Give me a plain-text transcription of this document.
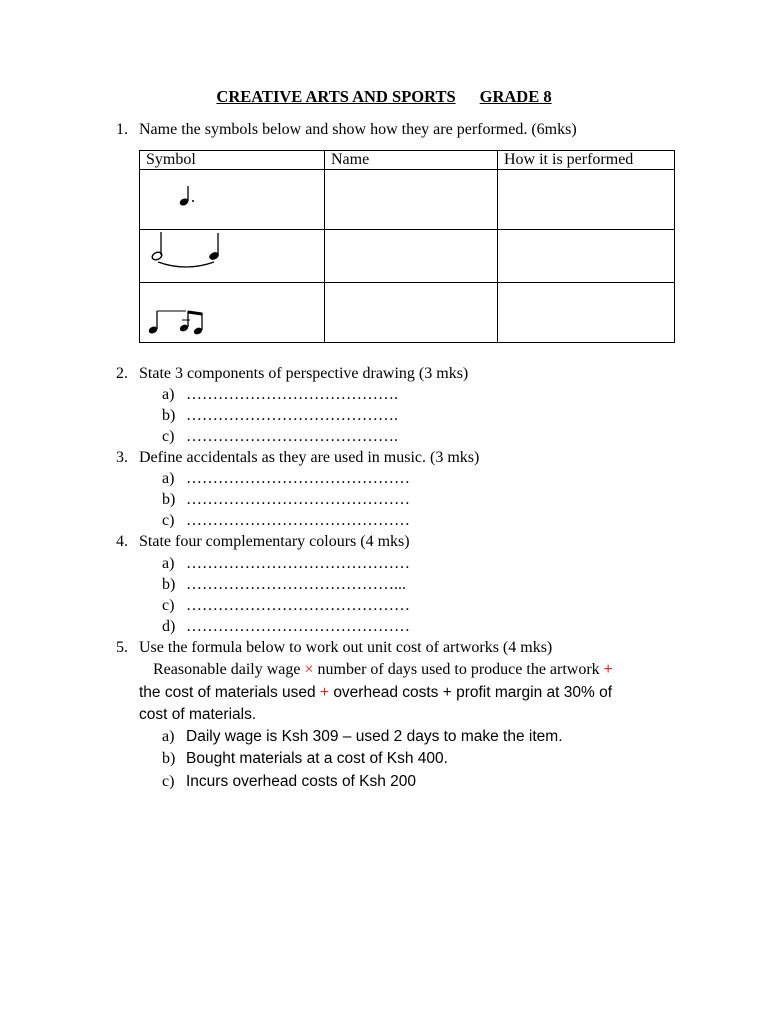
CREATIVE ARTS AND SPORTS GRADE 8
1. Name the symbols below and show how they are performed. (6mks)
Symbol	Name	How it is performed

2. State 3 components of perspective drawing (3 mks)
a) ………………………………….
b) ………………………………….
c) ………………………………….
3. Define accidentals as they are used in music. (3 mks)
a) ……………………………………
b) ……………………………………
c) ……………………………………
4. State four complementary colours (4 mks)
a) ……………………………………
b) …………………………………...
c) ……………………………………
d) ……………………………………
5. Use the formula below to work out unit cost of artworks (4 mks)
Reasonable daily wage × number of days used to produce the artwork +
the cost of materials used + overhead costs + profit margin at 30% of
cost of materials.
a) Daily wage is Ksh 309 – used 2 days to make the item.
b) Bought materials at a cost of Ksh 400.
c) Incurs overhead costs of Ksh 200
